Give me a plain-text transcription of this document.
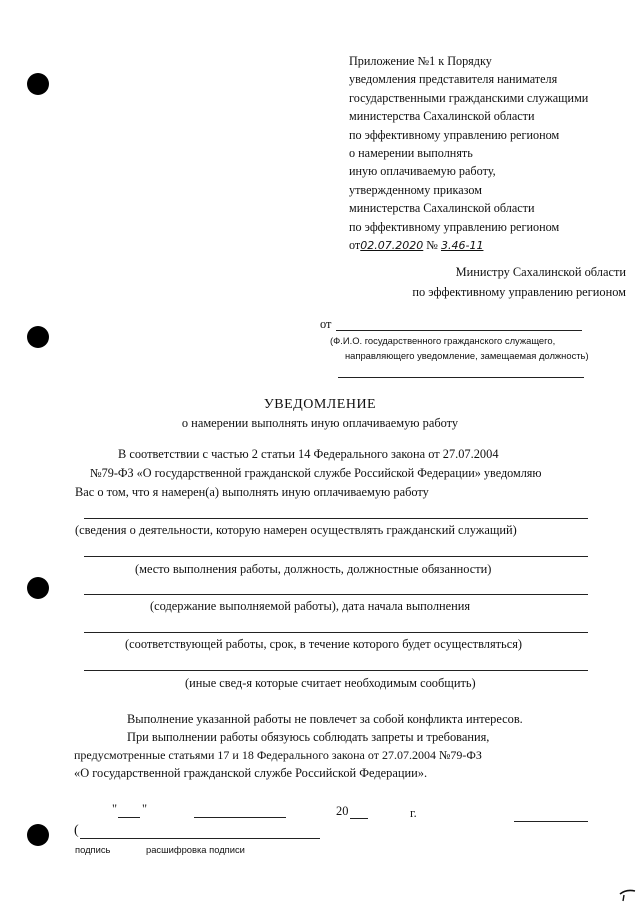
Приложение №1 к Порядку
уведомления представителя нанимателя
государственными гражданскими служащими
министерства Сахалинской области
по эффективному управлению регионом
о намерении выполнять
иную оплачиваемую работу,
утвержденному приказом
министерства Сахалинской области
по эффективному управлению регионом
от02.07.2020 № 3.46-11
Министру Сахалинской области
по эффективному управлению регионом
от
(Ф.И.О. государственного гражданского служащего,
направляющего уведомление, замещаемая должность)
УВЕДОМЛЕНИЕ
о намерении выполнять иную оплачиваемую работу
В соответствии с частью 2 статьи 14 Федерального закона от 27.07.2004
№79-ФЗ «О государственной гражданской службе Российской Федерации» уведомляю
Вас о том, что я намерен(а) выполнять иную оплачиваемую работу
(сведения о деятельности, которую намерен осуществлять гражданский служащий)
(место выполнения работы, должность, должностные обязанности)
(содержание выполняемой работы), дата начала выполнения
(соответствующей работы, срок, в течение которого будет осуществляться)
(иные свед-я которые считает необходимым сообщить)
Выполнение указанной работы не повлечет за собой конфликта интересов.
При выполнении работы обязуюсь соблюдать запреты и требования,
предусмотренные статьями 17 и 18 Федерального закона от 27.07.2004 №79-ФЗ
«О государственной гражданской службе Российской Федерации».
" "	20	г.
(
подпись	расшифровка подписи
